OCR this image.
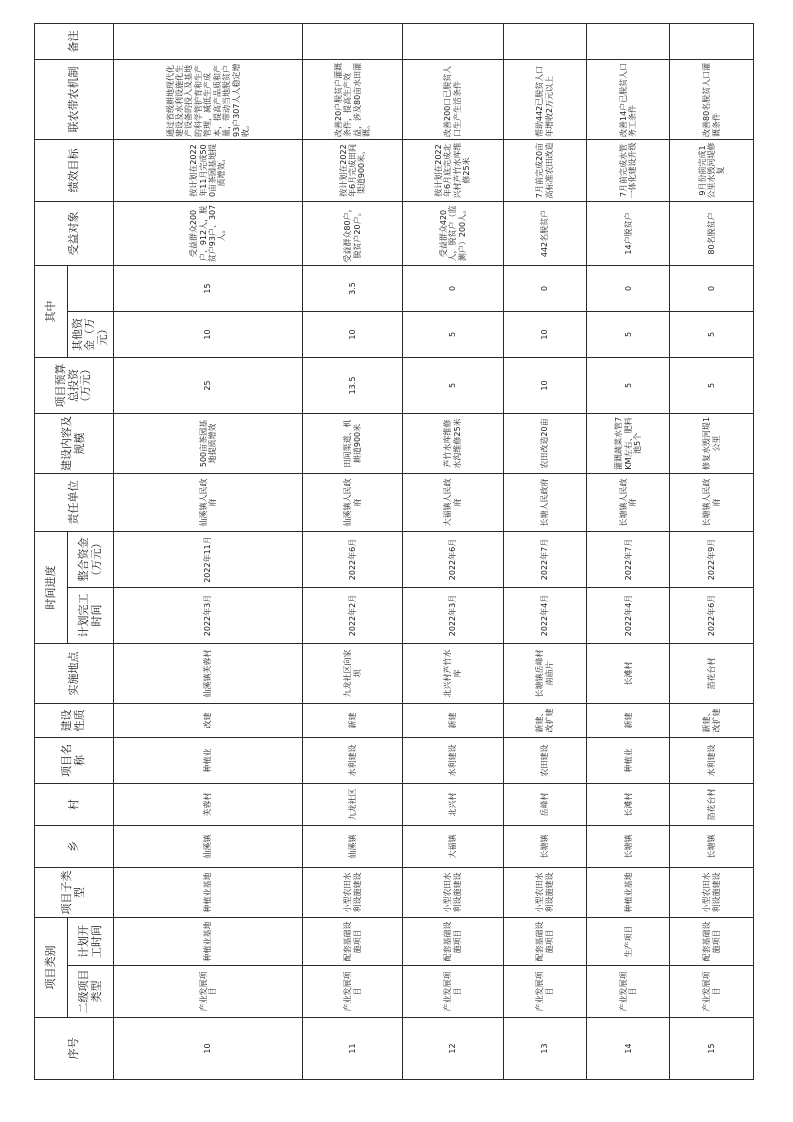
序号	项目类别		项目子类型	乡	村	项目名称	建设性质	实施地点	时间进度		责任单位	建设内容及规模	项目预算总投资（万元）	其中		受益对象	绩效目标	联农带农机制	备注
	二级项目类型	计划开工时间							计划完工时间	整合资金（万元）				其他资金（万元）					
10	产业发展项目	种植业基地	种植业基地	仙溪镇	芙蓉村	种植业	改建	仙溪镇芙蓉村	2022年3月	2022年11月	仙溪镇人民政府	500亩茶园基地提质增效	25	10	15	受益群众200户、912人，脱贫户93户、307人。	按计划在2022年11月完成500亩茶园基地提质增效。	通过省级耕地现代化建设及水利设施化生产设备的投入及基地的科学管护育和生产管理，减低生产成本，提高产品质和产量，带动当地脱贫户93户307人人稳定增收。	
11	产业发展项目	配套基础设施项目	小型农田水利设施建设	仙溪镇	九龙社区	水利建设	新建	九龙社区向家坝	2022年2月	2022年6月	仙溪镇人民政府	田间渠道、机耕道900米	13.5	10	3.5	受益群众80户，脱贫户20户。	按计划在2022年6月完成田间渠道900米。	改善20户脱贫户灌溉条件，提高生产效益，涉及80亩水田灌溉。	
12	产业发展项目	配套基础设施项目	小型农田水利设施建设	大福镇	北兴村	水利建设	新建	北兴村芦竹水库	2022年3月	2022年6月	大福镇人民政府	芦竹水库维修水沟维修25米	5	5	0	受益群众420人，脱贫户（监测户）200人。	按计划在2022年6月底完成北兴村芦竹水库维修25米	改善200口已脱贫人口生产生活条件	
13	产业发展项目	配套基础设施项目	小型农田水利设施建设	长塘镇	岳峰村	农田建设	新建、改扩建	长塘镇岳峰村南庙片	2022年4月	2022年7月	长塘人民政府	农田改造20亩	10	10	0	442名脱贫户	7月前完成20亩高标准农田改造	帮助442已脱贫人口年增收2万元以上	
14	产业发展项目	生产项目	种植业基地	长塘镇	长滩村	种植业	新建	长滩村	2022年4月	2022年7月	长塘镇人民政府	灌溉蔬菜水管7KM左右、肥料池5个	5	5	0	14户脱贫户	7月前完成水管一体化建设升级	改善14户已脱贫人口务工条件	
15	产业发展项目	配套基础设施项目	小型农田水利设施建设	长塘镇	箔花台村	水利建设	新建、改扩建	箔花台村	2022年6月	2022年9月	长塘镇人民政府	修复水毁河堤1公里	5	5	0	80名脱贫户	9月份前完成1公里水毁河堤修复	改善80名脱贫人口灌溉条件	
